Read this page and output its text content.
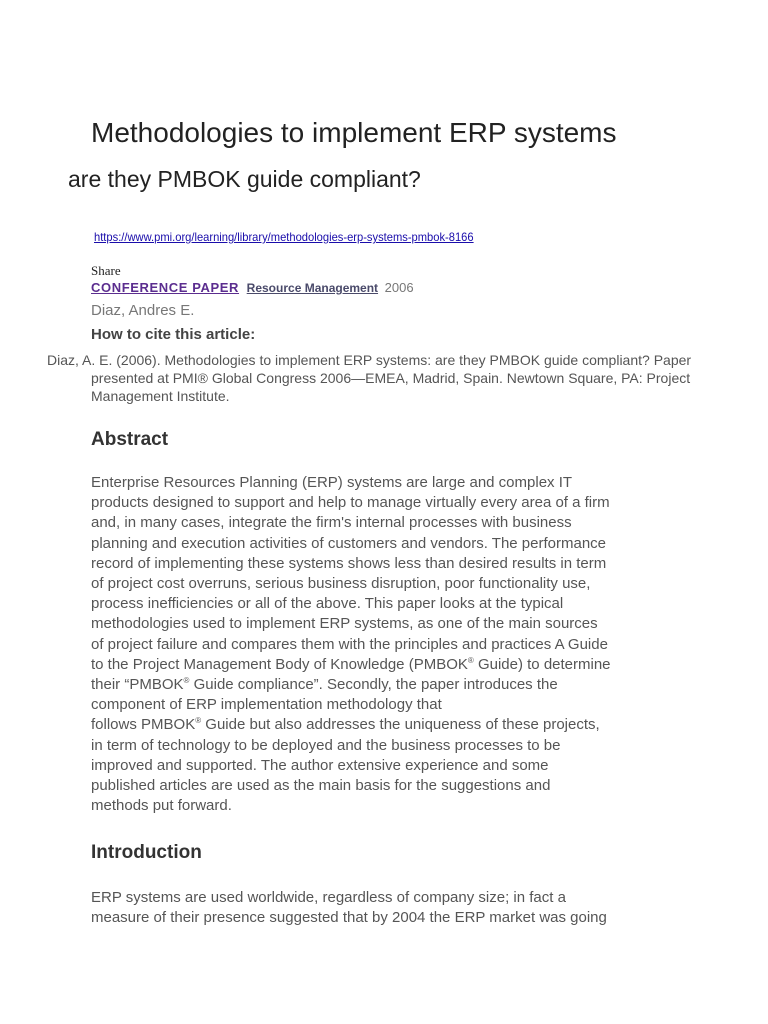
Methodologies to implement ERP systems
are they PMBOK guide compliant?
https://www.pmi.org/learning/library/methodologies-erp-systems-pmbok-8166
Share
CONFERENCE PAPER Resource Management 2006
Diaz, Andres E.
How to cite this article:
Diaz, A. E. (2006). Methodologies to implement ERP systems: are they PMBOK guide compliant? Paper presented at PMI® Global Congress 2006—EMEA, Madrid, Spain. Newtown Square, PA: Project Management Institute.
Abstract
Enterprise Resources Planning (ERP) systems are large and complex IT
products designed to support and help to manage virtually every area of a firm
and, in many cases, integrate the firm's internal processes with business
planning and execution activities of customers and vendors. The performance
record of implementing these systems shows less than desired results in term
of project cost overruns, serious business disruption, poor functionality use,
process inefficiencies or all of the above. This paper looks at the typical
methodologies used to implement ERP systems, as one of the main sources
of project failure and compares them with the principles and practices A Guide
to the Project Management Body of Knowledge (PMBOK® Guide) to determine
their “PMBOK® Guide compliance”. Secondly, the paper introduces the
component of ERP implementation methodology that
follows PMBOK® Guide but also addresses the uniqueness of these projects,
in term of technology to be deployed and the business processes to be
improved and supported. The author extensive experience and some
published articles are used as the main basis for the suggestions and
methods put forward.
Introduction
ERP systems are used worldwide, regardless of company size; in fact a
measure of their presence suggested that by 2004 the ERP market was going
